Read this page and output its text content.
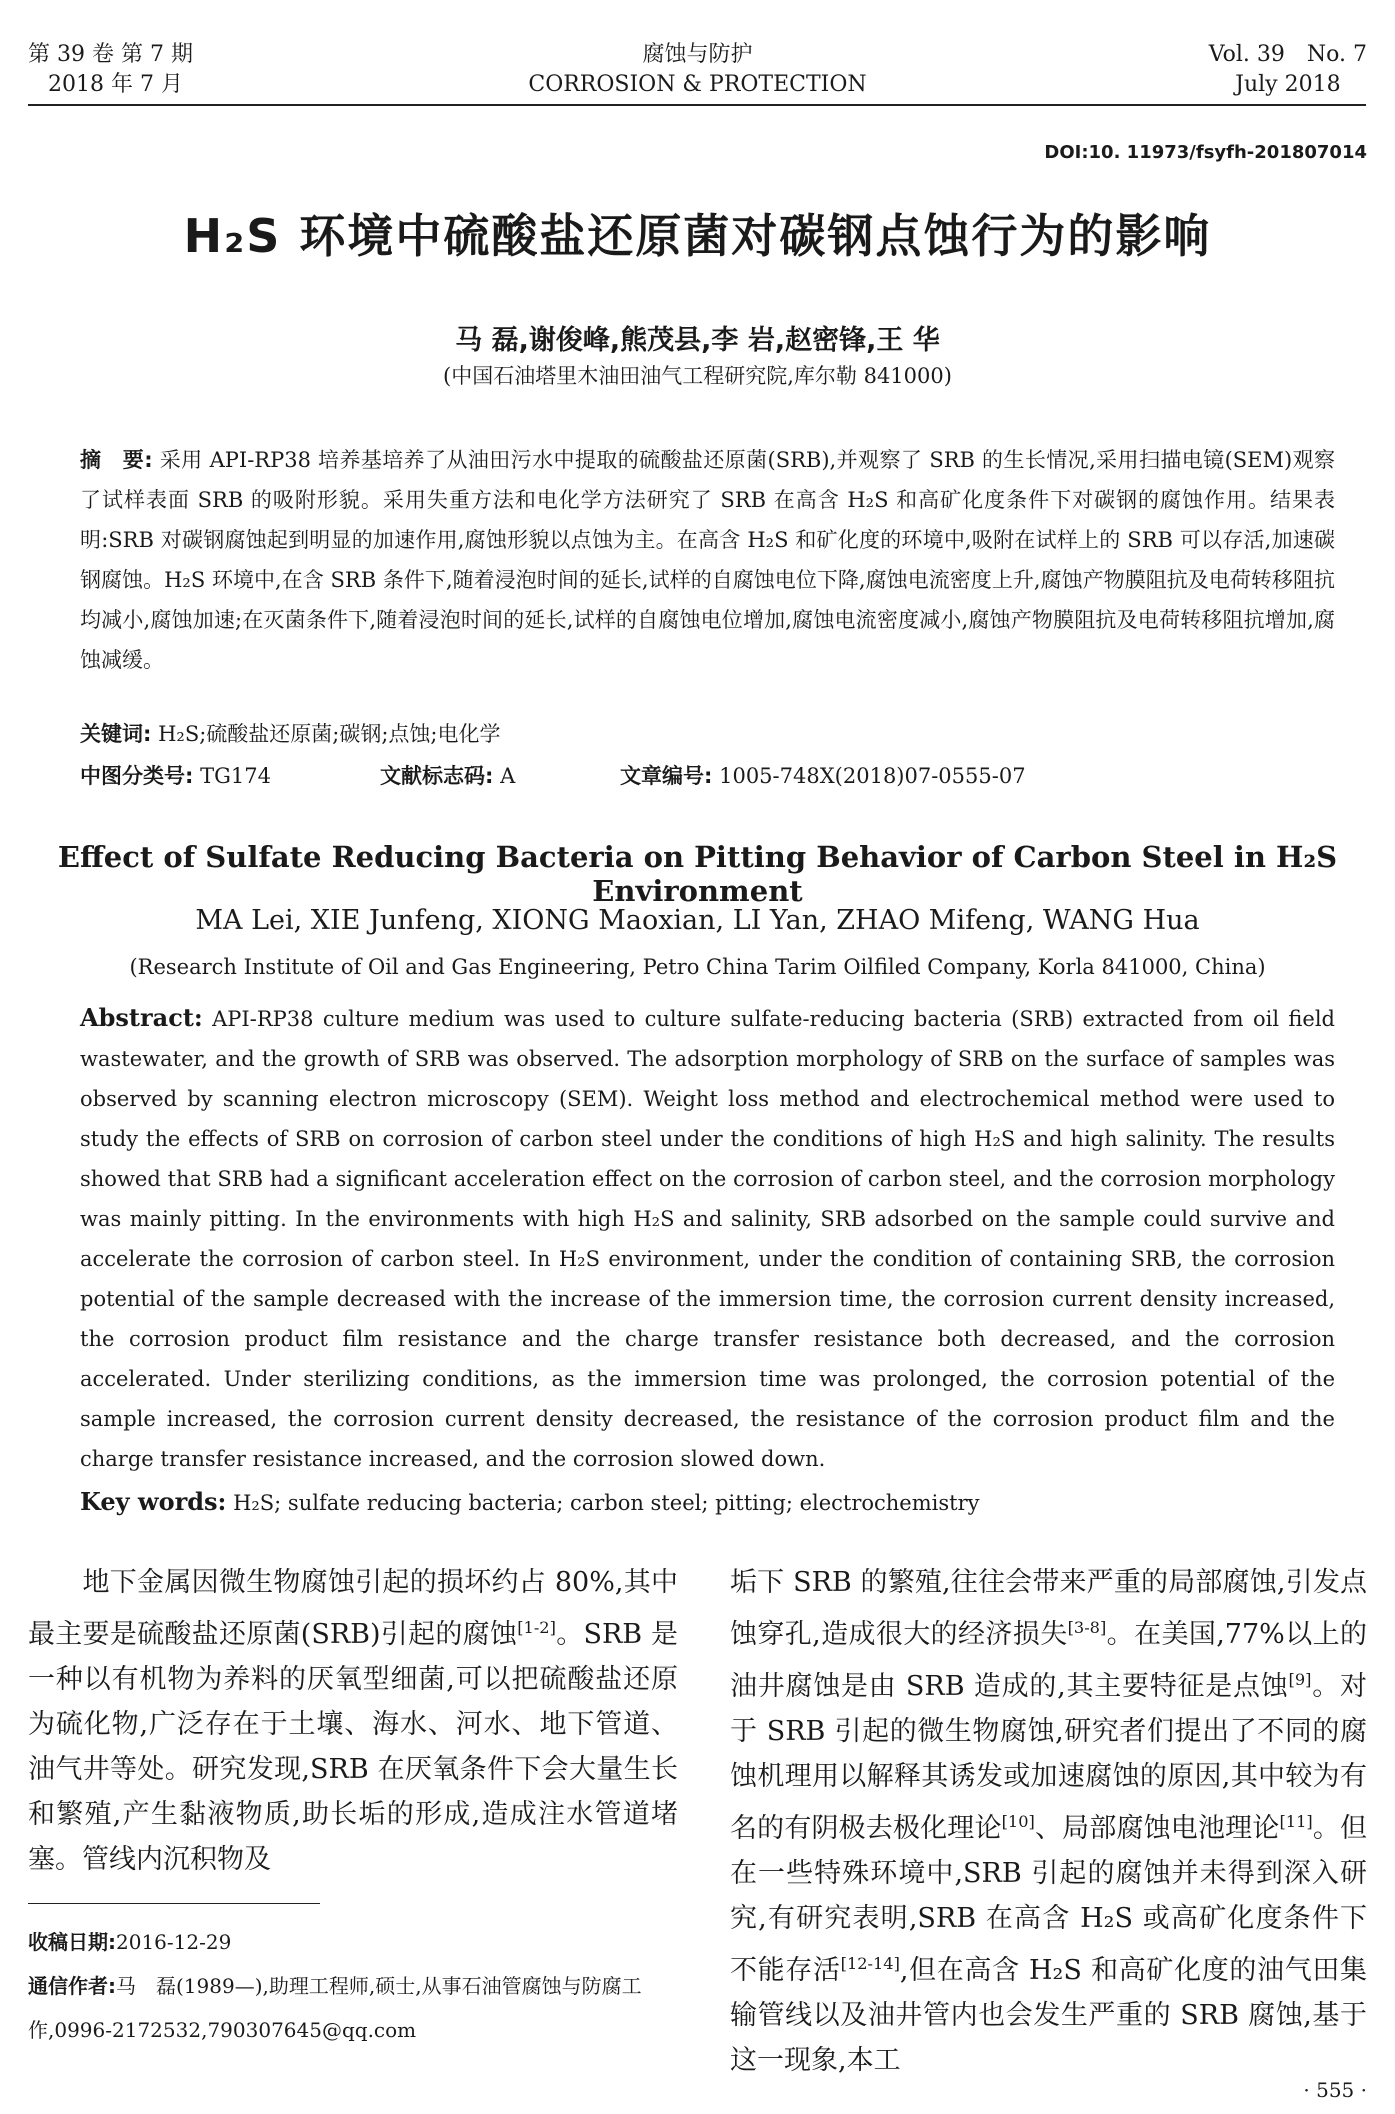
第 39 卷 第 7 期
2018 年 7 月
腐蚀与防护
CORROSION & PROTECTION
Vol. 39　No. 7
July 2018
DOI:10. 11973/fsyfh-201807014
H₂S 环境中硫酸盐还原菌对碳钢点蚀行为的影响
马 磊,谢俊峰,熊茂县,李 岩,赵密锋,王 华
(中国石油塔里木油田油气工程研究院,库尔勒 841000)
摘　要: 采用 API-RP38 培养基培养了从油田污水中提取的硫酸盐还原菌(SRB),并观察了 SRB 的生长情况,采用扫描电镜(SEM)观察了试样表面 SRB 的吸附形貌。采用失重方法和电化学方法研究了 SRB 在高含 H₂S 和高矿化度条件下对碳钢的腐蚀作用。结果表明:SRB 对碳钢腐蚀起到明显的加速作用,腐蚀形貌以点蚀为主。在高含 H₂S 和矿化度的环境中,吸附在试样上的 SRB 可以存活,加速碳钢腐蚀。H₂S 环境中,在含 SRB 条件下,随着浸泡时间的延长,试样的自腐蚀电位下降,腐蚀电流密度上升,腐蚀产物膜阻抗及电荷转移阻抗均减小,腐蚀加速;在灭菌条件下,随着浸泡时间的延长,试样的自腐蚀电位增加,腐蚀电流密度减小,腐蚀产物膜阻抗及电荷转移阻抗增加,腐蚀减缓。
关键词: H₂S;硫酸盐还原菌;碳钢;点蚀;电化学
中图分类号: TG174	文献标志码: A	文章编号: 1005-748X(2018)07-0555-07
Effect of Sulfate Reducing Bacteria on Pitting Behavior of Carbon Steel in H₂S Environment
MA Lei, XIE Junfeng, XIONG Maoxian, LI Yan, ZHAO Mifeng, WANG Hua
(Research Institute of Oil and Gas Engineering, Petro China Tarim Oilfiled Company, Korla 841000, China)
Abstract: API-RP38 culture medium was used to culture sulfate-reducing bacteria (SRB) extracted from oil field wastewater, and the growth of SRB was observed. The adsorption morphology of SRB on the surface of samples was observed by scanning electron microscopy (SEM). Weight loss method and electrochemical method were used to study the effects of SRB on corrosion of carbon steel under the conditions of high H₂S and high salinity. The results showed that SRB had a significant acceleration effect on the corrosion of carbon steel, and the corrosion morphology was mainly pitting. In the environments with high H₂S and salinity, SRB adsorbed on the sample could survive and accelerate the corrosion of carbon steel. In H₂S environment, under the condition of containing SRB, the corrosion potential of the sample decreased with the increase of the immersion time, the corrosion current density increased, the corrosion product film resistance and the charge transfer resistance both decreased, and the corrosion accelerated. Under sterilizing conditions, as the immersion time was prolonged, the corrosion potential of the sample increased, the corrosion current density decreased, the resistance of the corrosion product film and the charge transfer resistance increased, and the corrosion slowed down.
Key words: H₂S; sulfate reducing bacteria; carbon steel; pitting; electrochemistry
　　地下金属因微生物腐蚀引起的损坏约占 80%,其中最主要是硫酸盐还原菌(SRB)引起的腐蚀[1-2]。SRB 是一种以有机物为养料的厌氧型细菌,可以把硫酸盐还原为硫化物,广泛存在于土壤、海水、河水、地下管道、油气井等处。研究发现,SRB 在厌氧条件下会大量生长和繁殖,产生黏液物质,助长垢的形成,造成注水管道堵塞。管线内沉积物及
垢下 SRB 的繁殖,往往会带来严重的局部腐蚀,引发点蚀穿孔,造成很大的经济损失[3-8]。在美国,77%以上的油井腐蚀是由 SRB 造成的,其主要特征是点蚀[9]。对于 SRB 引起的微生物腐蚀,研究者们提出了不同的腐蚀机理用以解释其诱发或加速腐蚀的原因,其中较为有名的有阴极去极化理论[10]、局部腐蚀电池理论[11]。但在一些特殊环境中,SRB 引起的腐蚀并未得到深入研究,有研究表明,SRB 在高含 H₂S 或高矿化度条件下不能存活[12-14],但在高含 H₂S 和高矿化度的油气田集输管线以及油井管内也会发生严重的 SRB 腐蚀,基于这一现象,本工
收稿日期:2016-12-29
通信作者:马　磊(1989—),助理工程师,硕士,从事石油管腐蚀与防腐工作,0996-2172532,790307645@qq.com
· 555 ·
